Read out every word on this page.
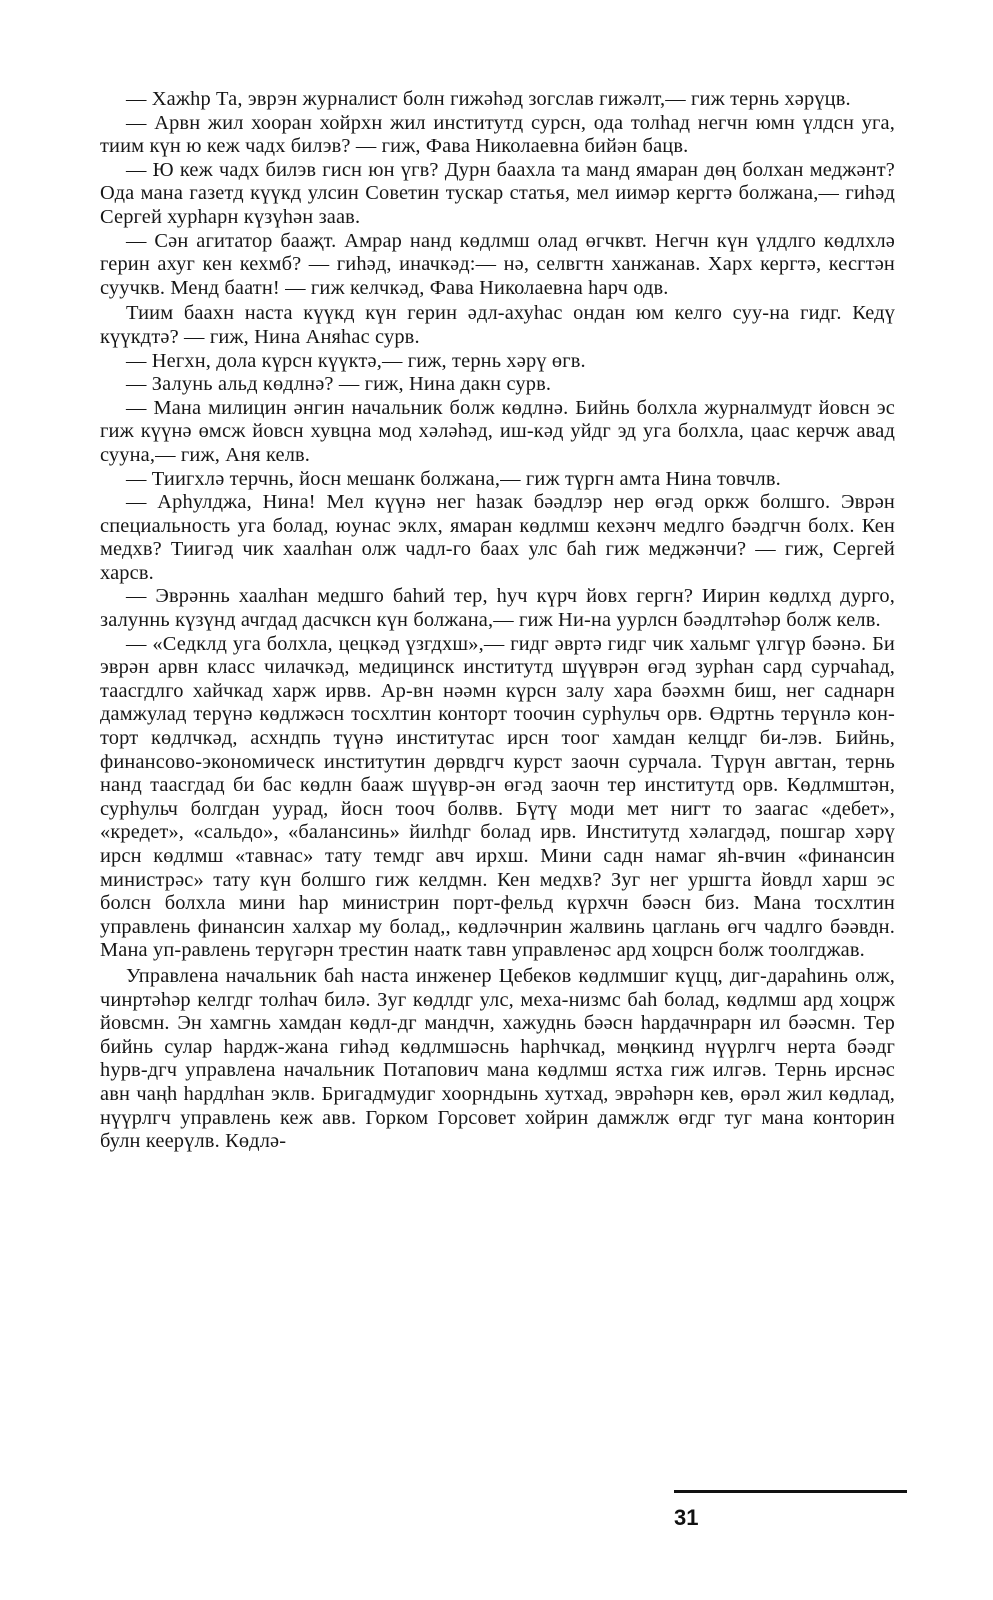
— Хажһр Та, эврэн журналист болн гижәһәд зогслав гижәлт,— гиж тернь хәрүцв.

— Арвн жил хооран хойрхн жил институтд сурсн, ода толһад негчн юмн үлдсн уга, тиим күн ю кеж чадх билэв? — гиж, Фава Николаевна бийән бацв.

— Ю кеж чадх билэв гисн юн үгв? Дурн баахла та манд ямаран дөң болхан меджәнт? Ода мана газетд күүкд улсин Советин тускар статья, мел иимәр кергтә болжана,— гиһәд Сергей хурһарн күзүһән заав.

— Сән агитатор бааҗт. Амрар нанд көдлмш олад өгчквт. Негчн күн үлдлго көдлхлә герин ахуг кен кехмб? — гиһәд, иначкәд:— нә, селвгтн ханжанав. Харх кергтә, кесгтән суучкв. Менд баатн! — гиж келчкәд, Фава Николаевна һарч одв.

Тиим баахн наста күүкд күн герин әдл-ахуһас ондан юм келго суу-на гидг. Кедү күүкдтә? — гиж, Нина Аняһас сурв.

— Негхн, дола күрсн күүктә,— гиж, тернь хәрү өгв.

— Залунь альд көдлнә? — гиж, Нина дакн сурв.

— Мана милицин әнгин начальник болж көдлнә. Бийнь болхла журналмудт йовсн эс гиж күүнә өмсж йовсн хувцна мод хәләһәд, иш-кәд уйдг эд уга болхла, цаас керчж авад сууна,— гиж, Аня келв.

— Тиигхлә терчнь, йосн мешанк болжана,— гиж түргн амта Нина товчлв.

— Арһулджа, Нина! Мел күүнә нег һазак бәәдлэр нер өгәд оркж болшго. Эврән специальность уга болад, юунас эклх, ямаран көдлмш кехәнч медлго бәәдгчн болх. Кен медхв? Тиигәд чик хаалһан олж чадл-го баах улс баһ гиж меджәнчи? — гиж, Сергей харсв.

— Эврәннь хаалһан медшго баһий тер, һуч күрч йовх гергн? Иирин көдлхд дурго, залуннь күзүнд ачгдад дасчксн күн болжана,— гиж Ни-на уурлсн бәәдлтәһәр болж келв.

— «Седклд уга болхла, цецкәд үзгдхш»,— гидг әвртә гидг чик хальмг үлгүр бәәнә. Би эврән арвн класс чилачкәд, медицинск институтд шүүврән өгәд зурһан сард сурчаһад, таасгдлго хайчкад харж ирвв. Ар-вн нәәмн күрсн залу хара бәәхмн биш, нег саднарн дамжулад терүнә көдлжәсн тосхлтин конторт тоочин сурһульч орв. Өдртнь терүнлә кон-торт көдлчкәд, асхндпь түүнә институтас ирсн тоог хамдан келцдг би-лэв. Бийнь, финансово-экономическ институтин дөрвдгч курст заочн сурчала. Түрүн авгтан, тернь нанд таасгдад би бас көдлн бааж шүүвр-ән өгәд заочн тер институтд орв. Көдлмштән, сурһульч болгдан уурад, йосн тооч болвв. Бүтү моди мет нигт то заагас «дебет», «кредет», «сальдо», «балансинь» йилһдг болад ирв. Институтд хәлагдәд, пошгар хәрү ирсн көдлмш «тавнас» тату темдг авч ирхш. Мини садн намаг яһ-вчин «финансин министрәс» тату күн болшго гиж келдмн. Кен медхв? Зуг нег уршгта йовдл харш эс болсн болхла мини һар министрин порт-фельд күрхчн бәәсн биз. Мана тосхлтин управлень финансин халхар му болад,, көдләчнрин жалвинь цаглань өгч чадлго бәәвдн. Мана уп-равлень терүгәрн трестин наатк тавн управленәс ард хоцрсн болж тоолгджав.

Управлена начальник баһ наста инженер Цебеков көдлмшиг күцц, диг-дараһинь олж, чинртәһәр келгдг толһач билә. Зуг көдлдг улс, меха-низмс баһ болад, көдлмш ард хоцрж йовсмн. Эн хамгнь хамдан көдл-дг мандчн, хажуднь бәәсн һардачнрарн ил бәәсмн. Тер бийнь сулар һардж-жана гиһәд көдлмшәснь һарһчкад, мөңкинд нүүрлгч нерта бәәдг һурв-дгч управлена начальник Потапович мана көдлмш ястха гиж илгәв. Тернь ирснәс авн чаңһ һардлһан эклв. Бригадмудиг хоорндынь хутхад, эврәһәрн кев, өрәл жил көдлад, нүүрлгч управлень кеж авв. Горком Горсовет хойрин дамжлж өгдг туг мана конторин булн кеерүлв. Көдлә-

31
